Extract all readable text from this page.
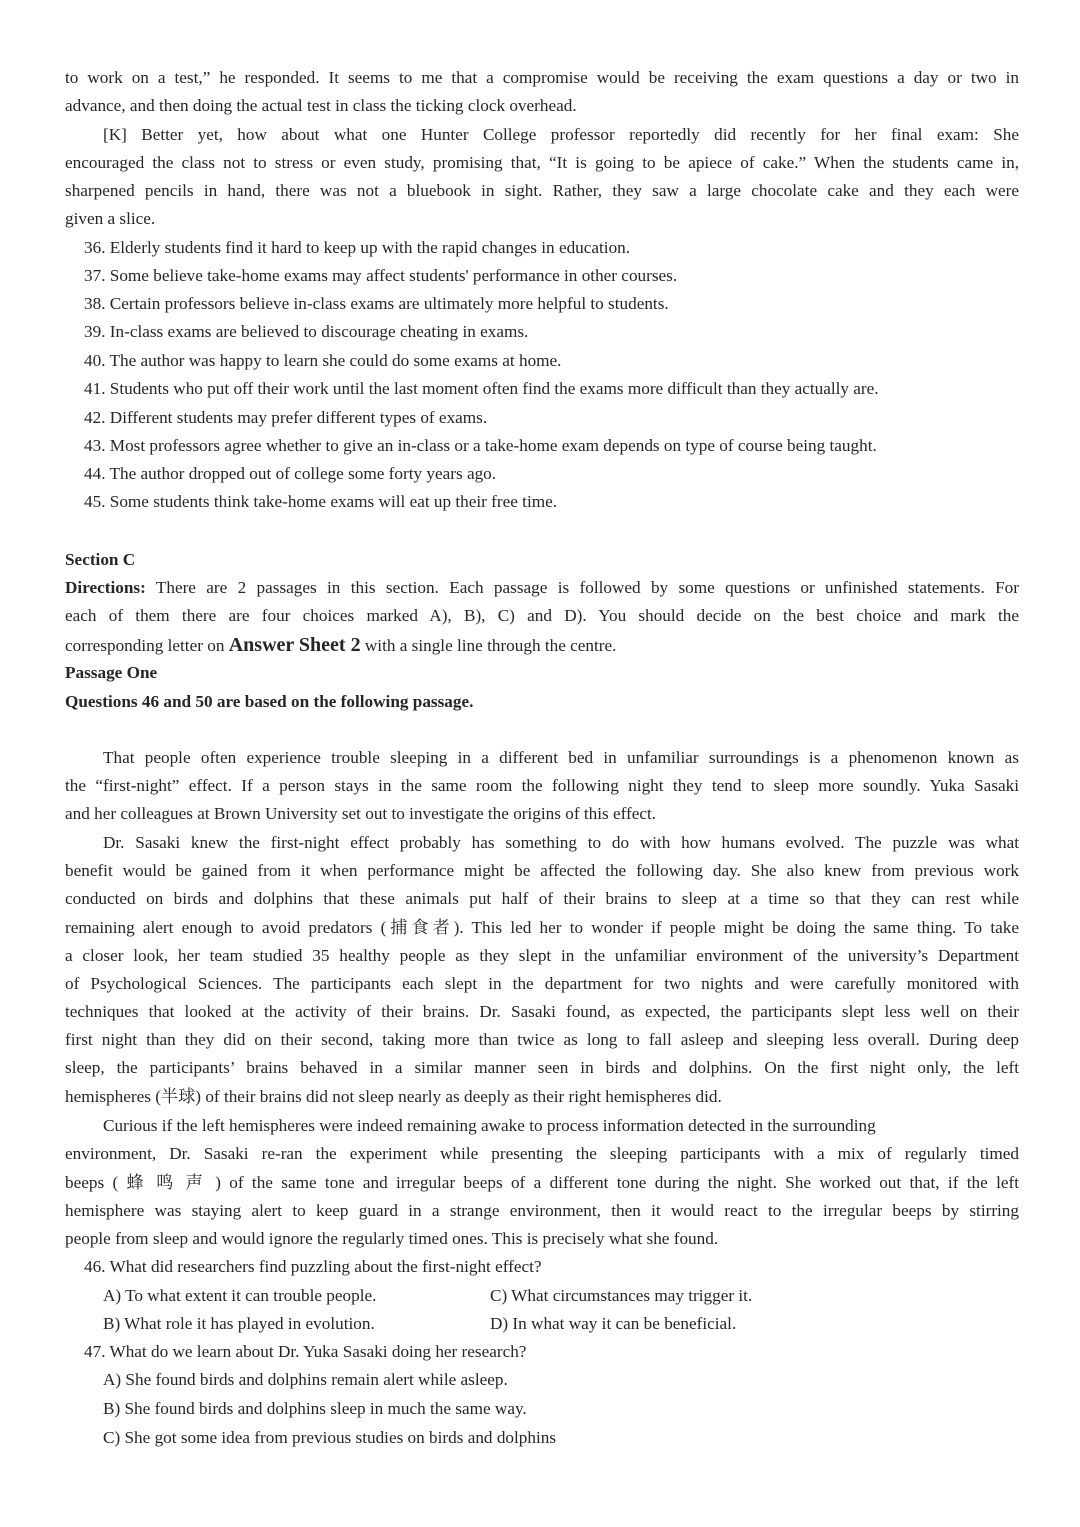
to work on a test,” he responded. It seems to me that a compromise would be receiving the exam questions a day or two in
advance, and then doing the actual test in class the ticking clock overhead.
[K] Better yet, how about what one Hunter College professor reportedly did recently for her final exam: She
encouraged the class not to stress or even study, promising that, “It is going to be apiece of cake.” When the students came in,
sharpened pencils in hand, there was not a bluebook in sight. Rather, they saw a large chocolate cake and they each were
given a slice.
36. Elderly students find it hard to keep up with the rapid changes in education.
37. Some believe take-home exams may affect students' performance in other courses.
38. Certain professors believe in-class exams are ultimately more helpful to students.
39. In-class exams are believed to discourage cheating in exams.
40. The author was happy to learn she could do some exams at home.
41. Students who put off their work until the last moment often find the exams more difficult than they actually are.
42. Different students may prefer different types of exams.
43. Most professors agree whether to give an in-class or a take-home exam depends on type of course being taught.
44. The author dropped out of college some forty years ago.
45. Some students think take-home exams will eat up their free time.
Section C
Directions: There are 2 passages in this section. Each passage is followed by some questions or unfinished statements. For
each of them there are four choices marked A), B), C) and D). You should decide on the best choice and mark the
corresponding letter on Answer Sheet 2 with a single line through the centre.
Passage One
Questions 46 and 50 are based on the following passage.
That people often experience trouble sleeping in a different bed in unfamiliar surroundings is a phenomenon known as
the “first-night” effect. If a person stays in the same room the following night they tend to sleep more soundly. Yuka Sasaki
and her colleagues at Brown University set out to investigate the origins of this effect.
Dr. Sasaki knew the first-night effect probably has something to do with how humans evolved. The puzzle was what
benefit would be gained from it when performance might be affected the following day. She also knew from previous work
conducted on birds and dolphins that these animals put half of their brains to sleep at a time so that they can rest while
remaining alert enough to avoid predators (捕食者). This led her to wonder if people might be doing the same thing. To take
a closer look, her team studied 35 healthy people as they slept in the unfamiliar environment of the university’s Department
of Psychological Sciences. The participants each slept in the department for two nights and were carefully monitored with
techniques that looked at the activity of their brains. Dr. Sasaki found, as expected, the participants slept less well on their
first night than they did on their second, taking more than twice as long to fall asleep and sleeping less overall. During deep
sleep, the participants’ brains behaved in a similar manner seen in birds and dolphins. On the first night only, the left
hemispheres (半球) of their brains did not sleep nearly as deeply as their right hemispheres did.
Curious if the left hemispheres were indeed remaining awake to process information detected in the surrounding
environment, Dr. Sasaki re-ran the experiment while presenting the sleeping participants with a mix of regularly timed
beeps ( 蜂 鸣 声 ) of the same tone and irregular beeps of a different tone during the night. She worked out that, if the left
hemisphere was staying alert to keep guard in a strange environment, then it would react to the irregular beeps by stirring
people from sleep and would ignore the regularly timed ones. This is precisely what she found.
46. What did researchers find puzzling about the first-night effect?
A) To what extent it can trouble people.	C) What circumstances may trigger it.
B) What role it has played in evolution.	D) In what way it can be beneficial.
47. What do we learn about Dr. Yuka Sasaki doing her research?
A) She found birds and dolphins remain alert while asleep.
B) She found birds and dolphins sleep in much the same way.
C) She got some idea from previous studies on birds and dolphins
